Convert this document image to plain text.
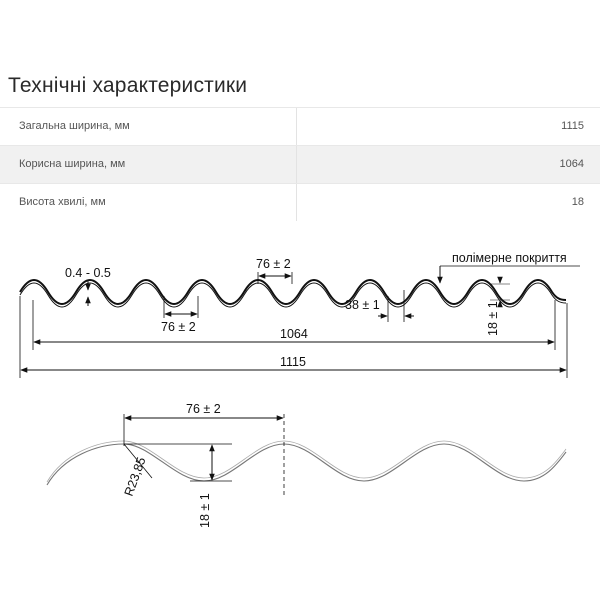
Технічні характеристики
Загальна ширина, мм	1115
Корисна ширина, мм	1064
Висота хвилі, мм	18
0.4 - 0.5
76 ± 2
76 ± 2
38 ± 1
полімерне покриття
18 ± 1
1064
1115
76 ± 2
18 ± 1
R23,85
